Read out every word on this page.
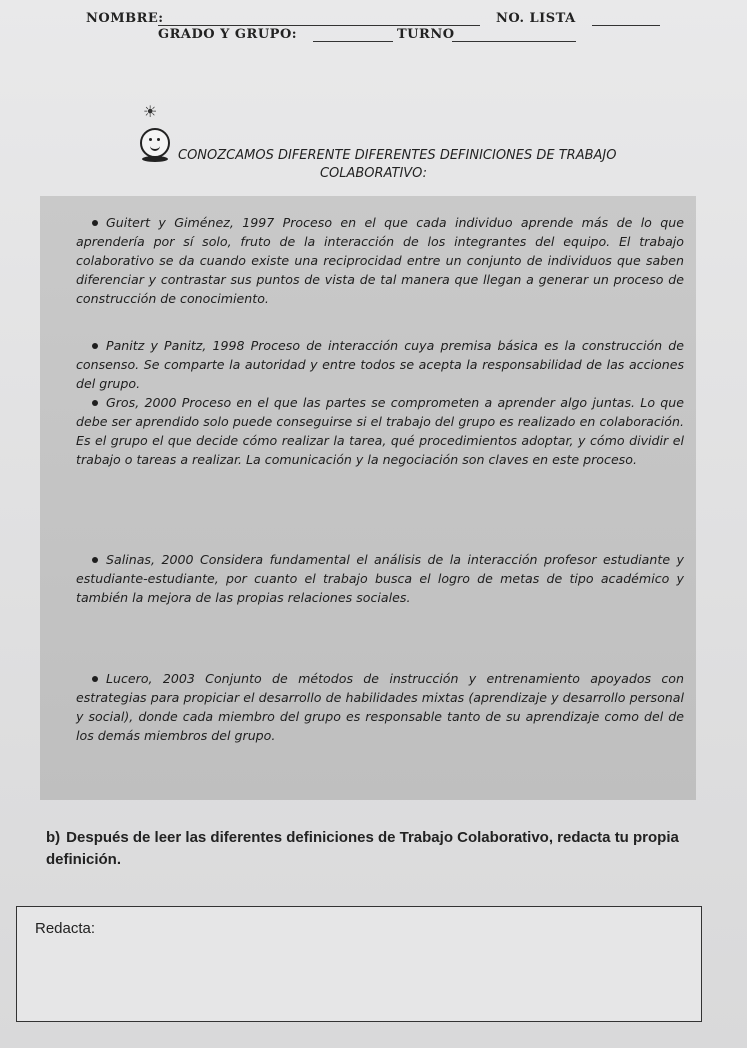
NOMBRE:	NO. LISTA
GRADO Y GRUPO:	TURNO
☀
CONOZCAMOS DIFERENTE DIFERENTES DEFINICIONES DE TRABAJO
COLABORATIVO:
Guitert y Giménez, 1997 Proceso en el que cada individuo aprende más de lo que aprendería por sí solo, fruto de la interacción de los integrantes del equipo. El trabajo colaborativo se da cuando existe una reciprocidad entre un conjunto de individuos que saben diferenciar y contrastar sus puntos de vista de tal manera que llegan a generar un proceso de construcción de conocimiento.
Panitz y Panitz, 1998 Proceso de interacción cuya premisa básica es la construcción de consenso. Se comparte la autoridad y entre todos se acepta la responsabilidad de las acciones del grupo.
Gros, 2000 Proceso en el que las partes se comprometen a aprender algo juntas. Lo que debe ser aprendido solo puede conseguirse si el trabajo del grupo es realizado en colaboración. Es el grupo el que decide cómo realizar la tarea, qué procedimientos adoptar, y cómo dividir el trabajo o tareas a realizar. La comunicación y la negociación son claves en este proceso.
Salinas, 2000 Considera fundamental el análisis de la interacción profesor estudiante y estudiante-estudiante, por cuanto el trabajo busca el logro de metas de tipo académico y también la mejora de las propias relaciones sociales.
Lucero, 2003 Conjunto de métodos de instrucción y entrenamiento apoyados con estrategias para propiciar el desarrollo de habilidades mixtas (aprendizaje y desarrollo personal y social), donde cada miembro del grupo es responsable tanto de su aprendizaje como del de los demás miembros del grupo.
b) Después de leer las diferentes definiciones de Trabajo Colaborativo, redacta tu propia definición.
Redacta:
